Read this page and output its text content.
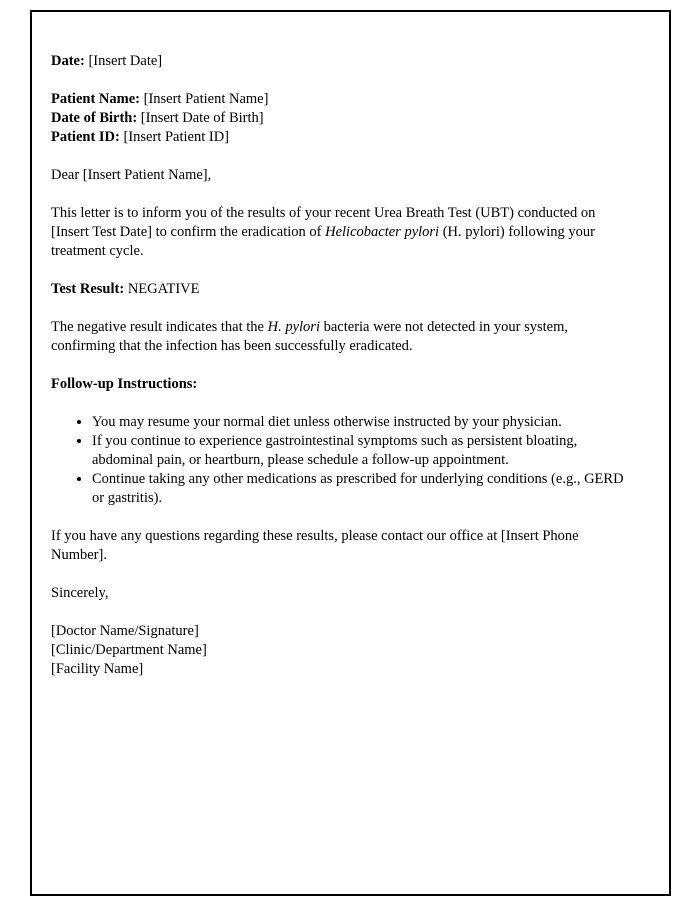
Date: [Insert Date]

Patient Name: [Insert Patient Name]

Date of Birth: [Insert Date of Birth]

Patient ID: [Insert Patient ID]

Dear [Insert Patient Name],

This letter is to inform you of the results of your recent Urea Breath Test (UBT) conducted on [Insert Test Date] to confirm the eradication of Helicobacter pylori (H. pylori) following your treatment cycle.

Test Result: NEGATIVE

The negative result indicates that the H. pylori bacteria were not detected in your system, confirming that the infection has been successfully eradicated.

Follow-up Instructions:

• You may resume your normal diet unless otherwise instructed by your physician.
• If you continue to experience gastrointestinal symptoms such as persistent bloating, abdominal pain, or heartburn, please schedule a follow-up appointment.
• Continue taking any other medications as prescribed for underlying conditions (e.g., GERD or gastritis).

If you have any questions regarding these results, please contact our office at [Insert Phone Number].

Sincerely,

[Doctor Name/Signature]

[Clinic/Department Name]

[Facility Name]
